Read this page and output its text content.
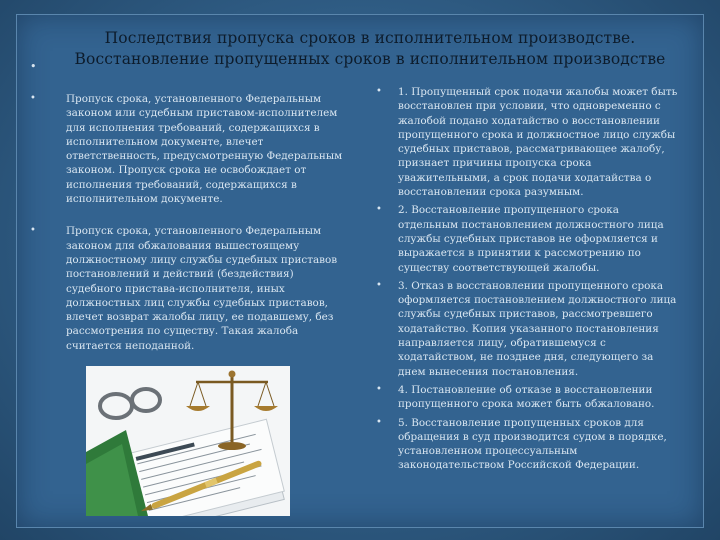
Последствия пропуска сроков в исполнительном производстве.
Восстановление пропущенных сроков в исполнительном производстве
•
•	Пропуск срока, установленного Федеральным законом или судебным приставом-исполнителем для исполнения требований, содержащихся в исполнительном документе, влечет ответственность, предусмотренную Федеральным законом. Пропуск срока не освобождает от исполнения требований, содержащихся в исполнительном документе.
•	Пропуск срока, установленного Федеральным законом для обжалования вышестоящему должностному лицу службы судебных приставов постановлений и действий (бездействия) судебного пристава-исполнителя, иных должностных лиц службы судебных приставов, влечет возврат жалобы лицу, ее подавшему, без рассмотрения по существу. Такая жалоба считается неподанной.
• 1. Пропущенный срок подачи жалобы может быть восстановлен при условии, что одновременно с жалобой подано ходатайство о восстановлении пропущенного срока и должностное лицо службы судебных приставов, рассматривающее жалобу, признает причины пропуска срока уважительными, а срок подачи ходатайства о восстановлении срока разумным.
• 2. Восстановление пропущенного срока отдельным постановлением должностного лица службы судебных приставов не оформляется и выражается в принятии к рассмотрению по существу соответствующей жалобы.
• 3. Отказ в восстановлении пропущенного срока оформляется постановлением должностного лица службы судебных приставов, рассмотревшего ходатайство. Копия указанного постановления направляется лицу, обратившемуся с ходатайством, не позднее дня, следующего за днем вынесения постановления.
• 4. Постановление об отказе в восстановлении пропущенного срока может быть обжаловано.
• 5. Восстановление пропущенных сроков для обращения в суд производится судом в порядке, установленном процессуальным законодательством Российской Федерации.
